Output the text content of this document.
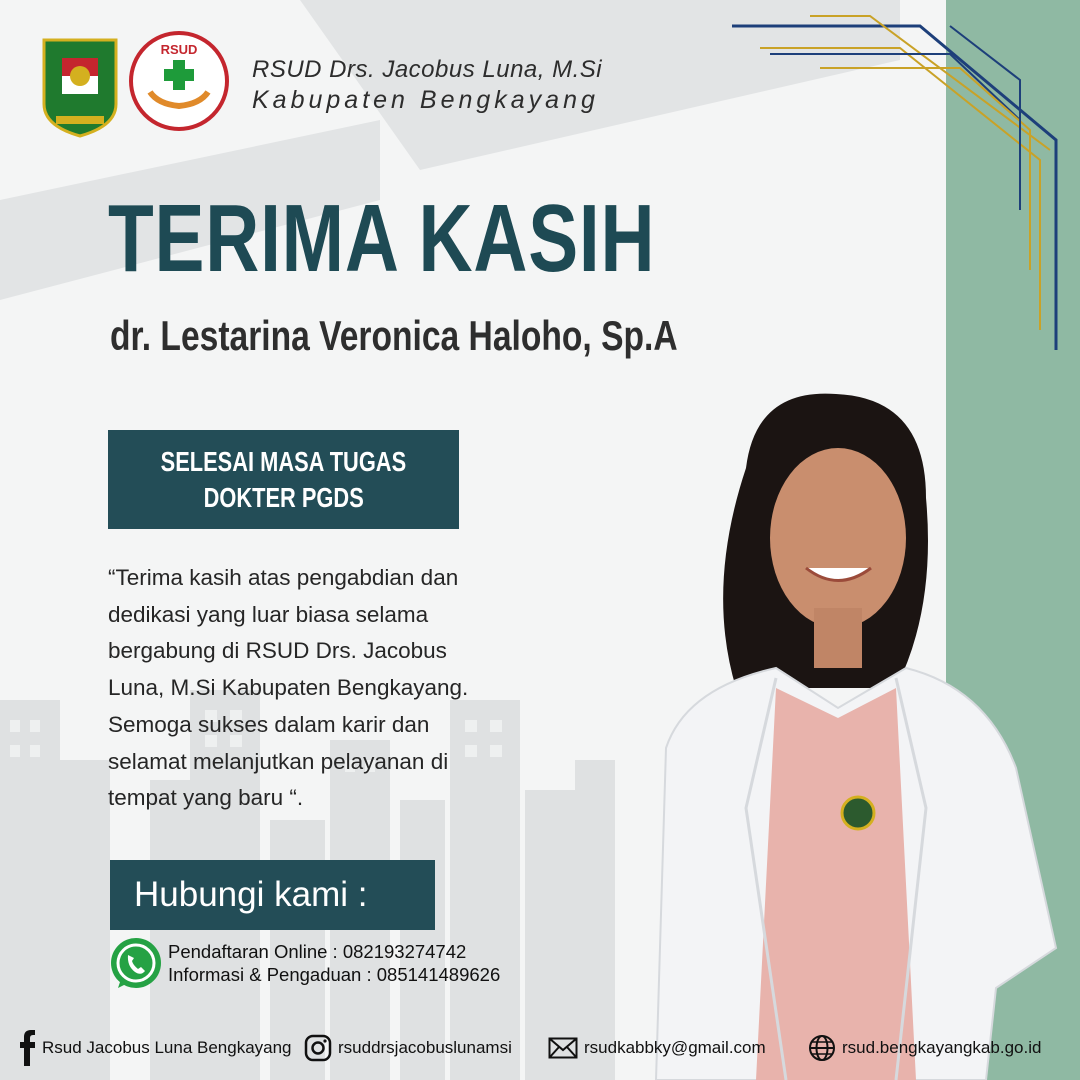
RSUD
RSUD Drs. Jacobus Luna, M.Si
Kabupaten Bengkayang
TERIMA KASIH
dr. Lestarina Veronica Haloho, Sp.A
SELESAI MASA TUGAS
DOKTER PGDS
“Terima kasih atas pengabdian dan
dedikasi yang luar biasa selama
bergabung di RSUD Drs. Jacobus
Luna, M.Si Kabupaten Bengkayang.
Semoga sukses dalam karir dan
selamat melanjutkan pelayanan di
tempat yang baru “.
Hubungi kami :
Pendaftaran Online : 082193274742
Informasi & Pengaduan : 085141489626
Rsud Jacobus Luna Bengkayang	rsuddrsjacobuslunamsi	rsudkabbky@gmail.com	rsud.bengkayangkab.go.id
